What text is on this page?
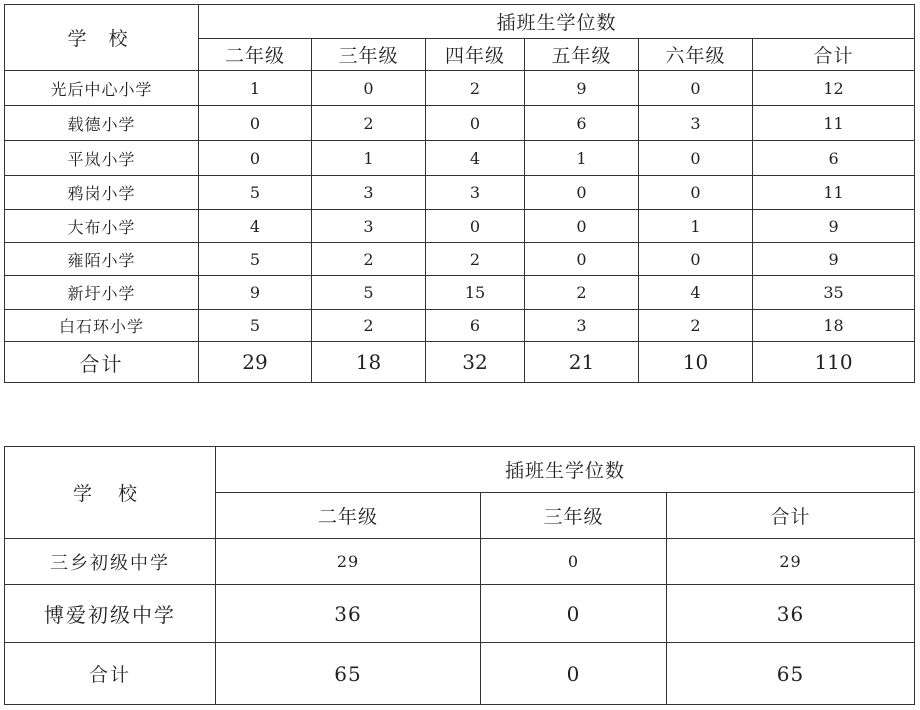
学 校	插班生学位数					
	二年级	三年级	四年级	五年级	六年级	合计
光后中心小学	1	0	2	9	0	12
载德小学	0	2	0	6	3	11
平岚小学	0	1	4	1	0	6
鸦岗小学	5	3	3	0	0	11
大布小学	4	3	0	0	1	9
雍陌小学	5	2	2	0	0	9
新圩小学	9	5	15	2	4	35
白石环小学	5	2	6	3	2	18
合计	29	18	32	21	10	110
学 校	插班生学位数		
	二年级	三年级	合计
三乡初级中学	29	0	29
博爱初级中学	36	0	36
合计	65	0	65
